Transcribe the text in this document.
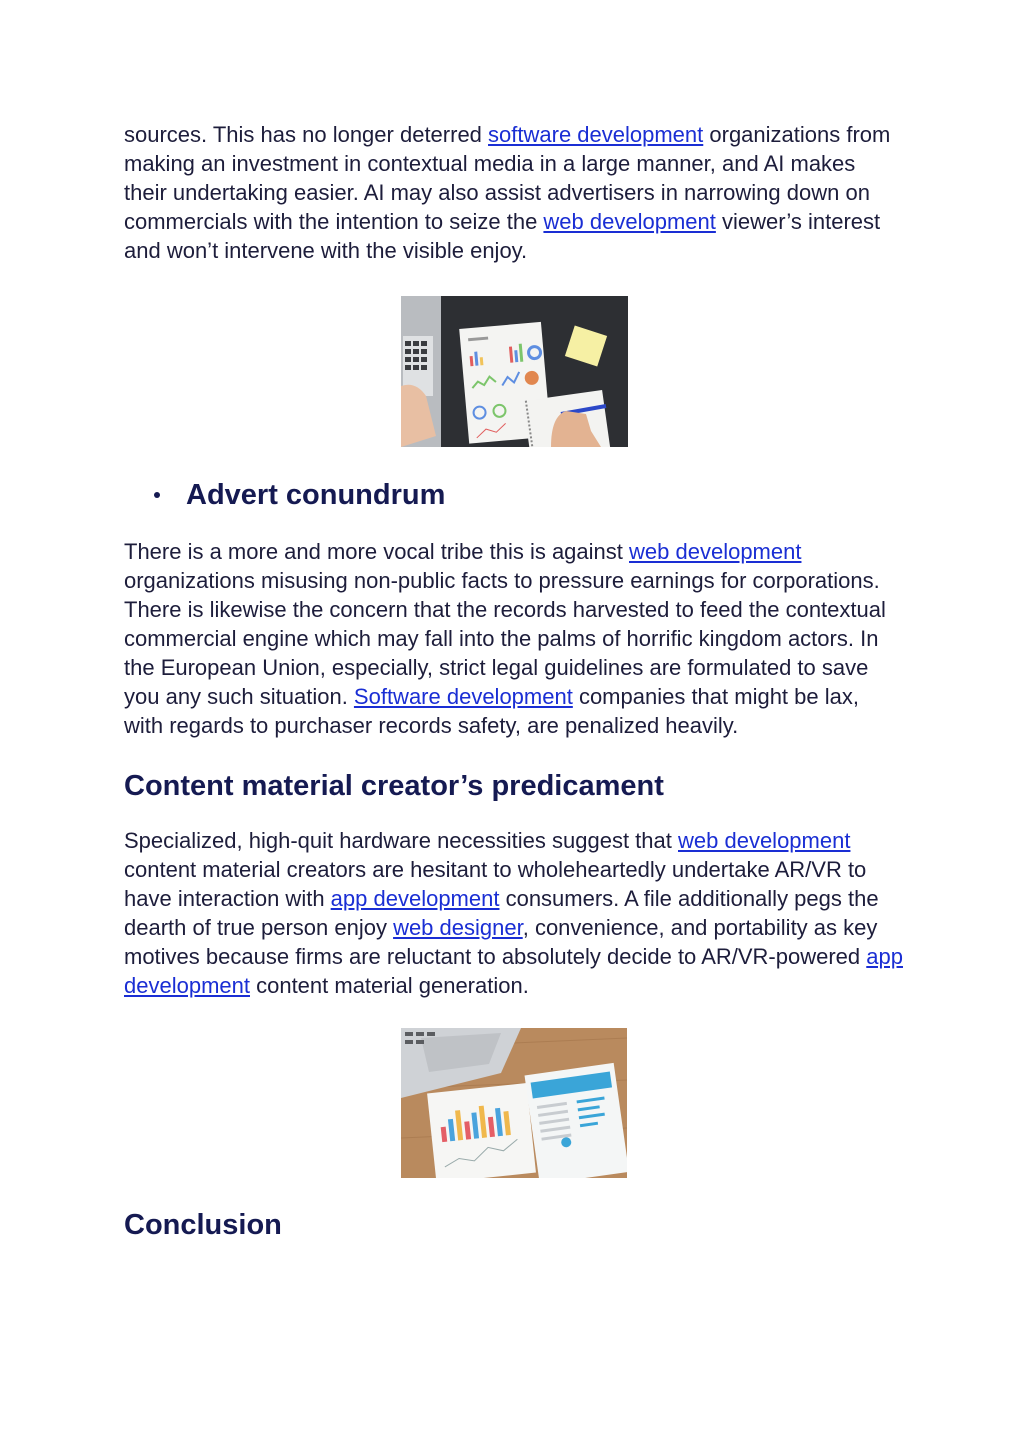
sources. This has no longer deterred software development organizations from making an investment in contextual media in a large manner, and AI makes their undertaking easier. AI may also assist advertisers in narrowing down on commercials with the intention to seize the web development viewer’s interest and won’t intervene with the visible enjoy.

Advert conundrum

There is a more and more vocal tribe this is against web development organizations misusing non-public facts to pressure earnings for corporations. There is likewise the concern that the records harvested to feed the contextual commercial engine which may fall into the palms of horrific kingdom actors. In the European Union, especially, strict legal guidelines are formulated to save you any such situation. Software development companies that might be lax, with regards to purchaser records safety, are penalized heavily.

Content material creator’s predicament

Specialized, high-quit hardware necessities suggest that web development content material creators are hesitant to wholeheartedly undertake AR/VR to have interaction with app development consumers. A file additionally pegs the dearth of true person enjoy web designer, convenience, and portability as key motives because firms are reluctant to absolutely decide to AR/VR-powered app development content material generation.

Conclusion
